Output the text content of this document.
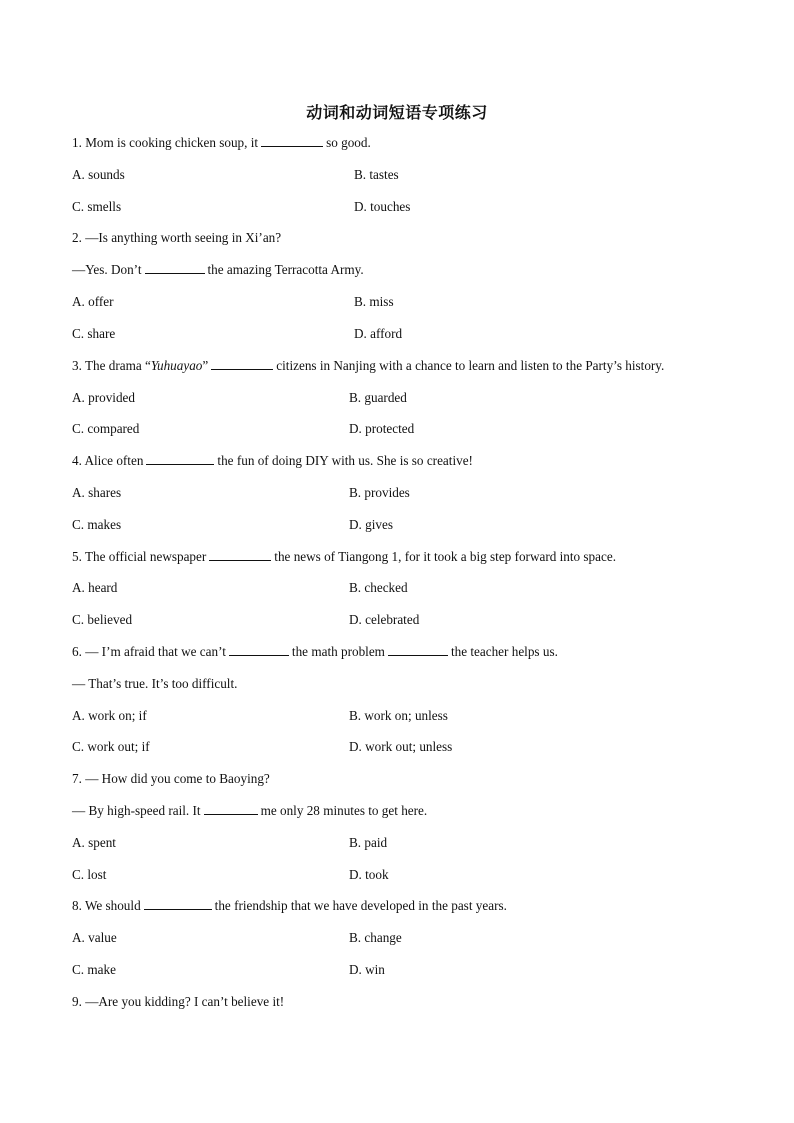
动词和动词短语专项练习
1. Mom is cooking chicken soup, it	so good.
A. sounds	B. tastes
C. smells	D. touches
2. —Is anything worth seeing in Xi’an?
—Yes. Don’t	the amazing Terracotta Army.
A. offer	B. miss
C. share	D. afford
3. The drama “Yuhuayao”	citizens in Nanjing with a chance to learn and listen to the Party’s history.
A. provided	B. guarded
C. compared	D. protected
4. Alice often	the fun of doing DIY with us. She is so creative!
A. shares	B. provides
C. makes	D. gives
5. The official newspaper	the news of Tiangong 1, for it took a big step forward into space.
A. heard	B. checked
C. believed	D. celebrated
6. — I’m afraid that we can’t	the math problem	the teacher helps us.
— That’s true. It’s too difficult.
A. work on; if	B. work on; unless
C. work out; if	D. work out; unless
7. — How did you come to Baoying?
— By high-speed rail. It	me only 28 minutes to get here.
A. spent	B. paid
C. lost	D. took
8. We should	the friendship that we have developed in the past years.
A. value	B. change
C. make	D. win
9. —Are you kidding? I can’t believe it!
